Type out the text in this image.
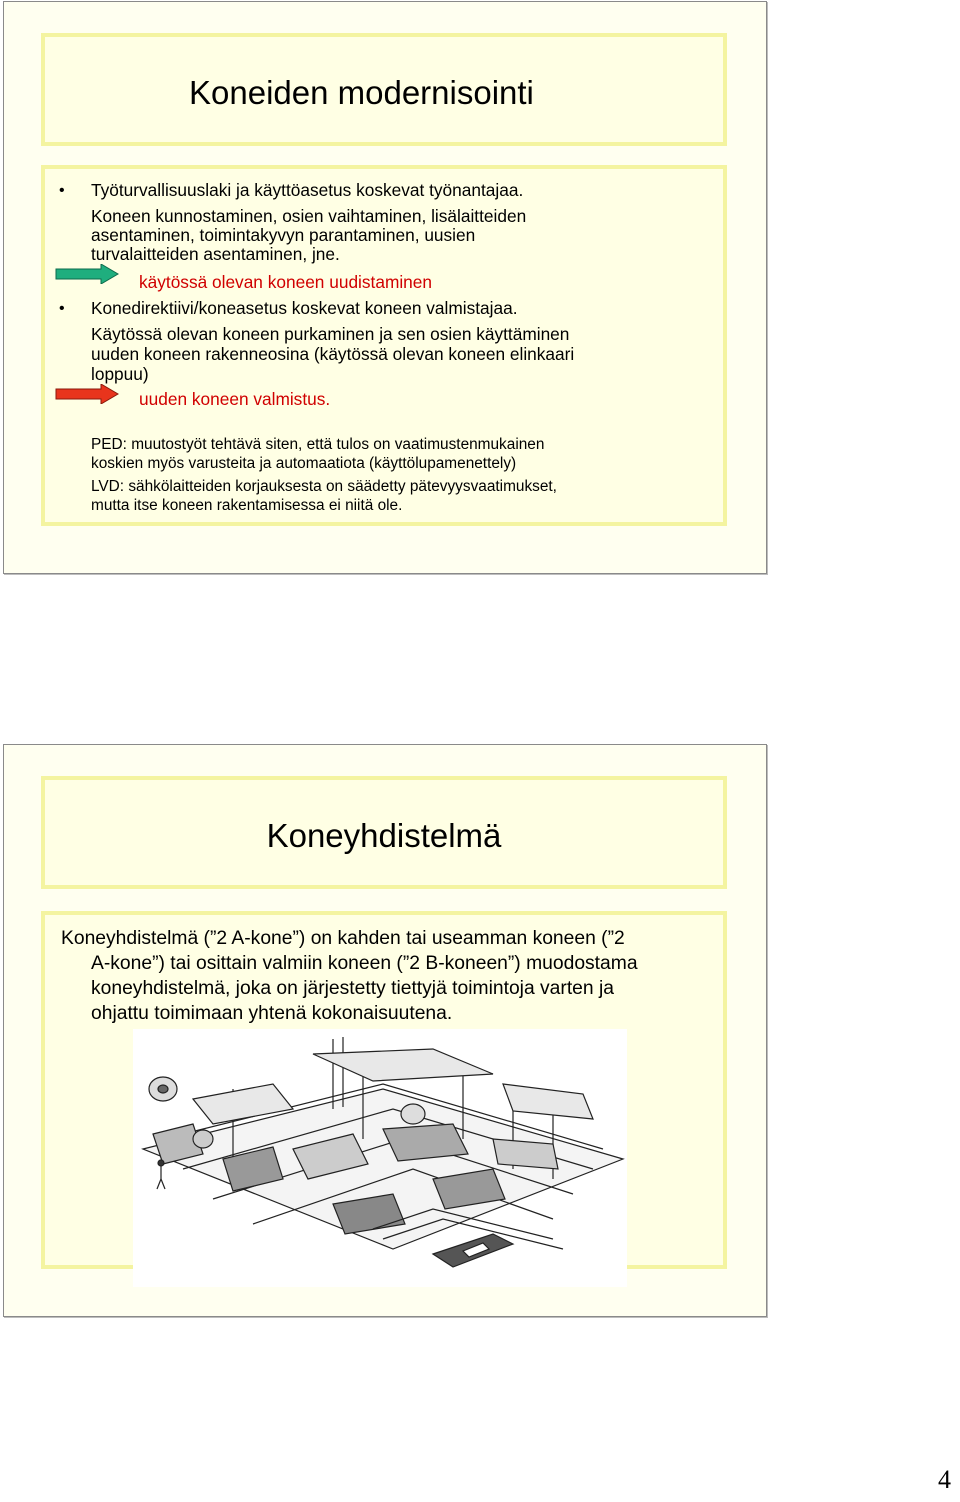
Koneiden modernisointi
• Työturvallisuuslaki ja käyttöasetus koskevat työnantajaa.
Koneen kunnostaminen, osien vaihtaminen, lisälaitteiden
asentaminen, toimintakyvyn parantaminen, uusien
turvalaitteiden asentaminen, jne.
käytössä olevan koneen uudistaminen
• Konedirektiivi/koneasetus koskevat koneen valmistajaa.
Käytössä olevan koneen purkaminen ja sen osien käyttäminen
uuden koneen rakenneosina (käytössä olevan koneen elinkaari
loppuu)
uuden koneen valmistus.
PED: muutostyöt tehtävä siten, että tulos on vaatimustenmukainen
koskien myös varusteita ja automaatiota (käyttölupamenettely)
LVD: sähkölaitteiden korjauksesta on säädetty pätevyysvaatimukset,
mutta itse koneen rakentamisessa ei niitä ole.
Koneyhdistelmä
Koneyhdistelmä (”2 A-kone”) on kahden tai useamman koneen (”2
A-kone”) tai osittain valmiin koneen (”2 B-koneen”) muodostama
koneyhdistelmä, joka on järjestetty tiettyjä toimintoja varten ja
ohjattu toimimaan yhtenä kokonaisuutena.
4
